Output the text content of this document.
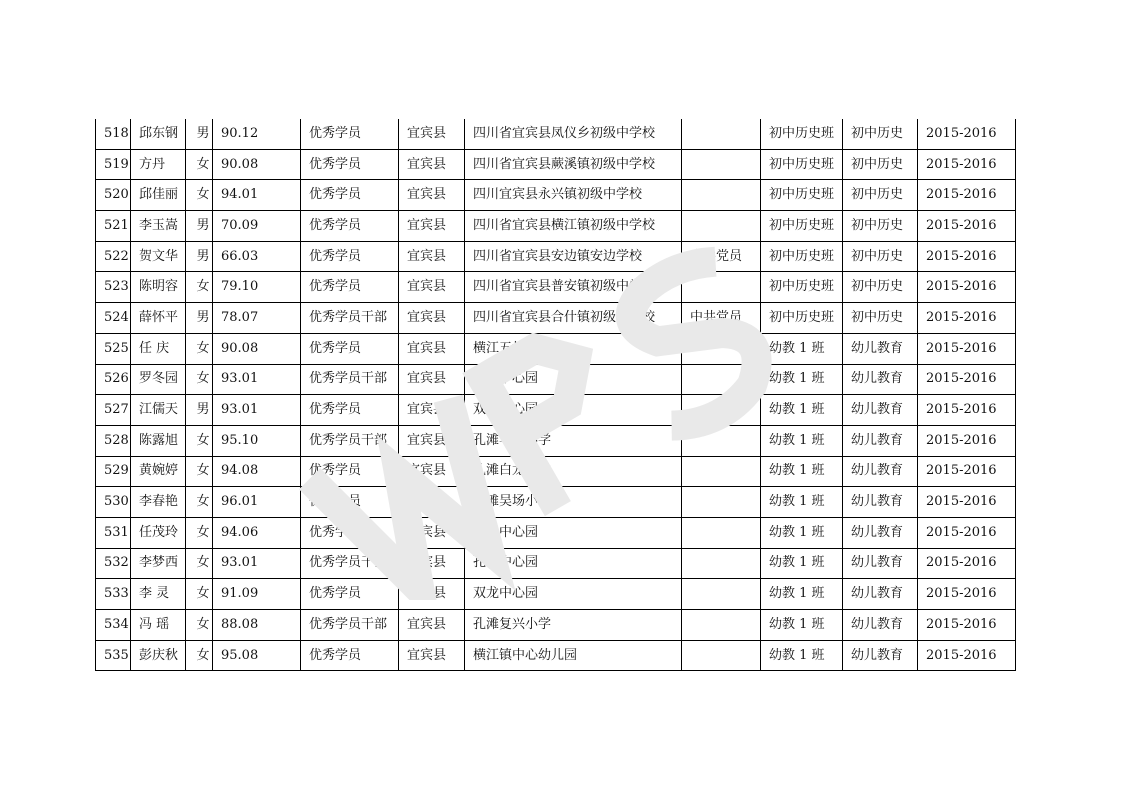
518	邱东钢	男	90.12	优秀学员	宜宾县	四川省宜宾县凤仪乡初级中学校		初中历史班	初中历史	2015-2016
519	方丹	女	90.08	优秀学员	宜宾县	四川省宜宾县蕨溪镇初级中学校		初中历史班	初中历史	2015-2016
520	邱佳丽	女	94.01	优秀学员	宜宾县	四川宜宾县永兴镇初级中学校		初中历史班	初中历史	2015-2016
521	李玉嵩	男	70.09	优秀学员	宜宾县	四川省宜宾县横江镇初级中学校		初中历史班	初中历史	2015-2016
522	贺文华	男	66.03	优秀学员	宜宾县	四川省宜宾县安边镇安边学校	中共党员	初中历史班	初中历史	2015-2016
523	陈明容	女	79.10	优秀学员	宜宾县	四川省宜宾县普安镇初级中学校		初中历史班	初中历史	2015-2016
524	薛怀平	男	78.07	优秀学员干部	宜宾县	四川省宜宾县合什镇初级中学校	中共党员	初中历史班	初中历史	2015-2016
525	任 庆	女	90.08	优秀学员	宜宾县	横江五村幼儿园		幼教 1 班	幼儿教育	2015-2016
526	罗冬园	女	93.01	优秀学员干部	宜宾县	孔滩中心园		幼教 1 班	幼儿教育	2015-2016
527	江儒天	男	93.01	优秀学员	宜宾县	双龙中心园		幼教 1 班	幼儿教育	2015-2016
528	陈露旭	女	95.10	优秀学员干部	宜宾县	孔滩羊石小学		幼教 1 班	幼儿教育	2015-2016
529	黄婉婷	女	94.08	优秀学员	宜宾县	孔滩白龙小学		幼教 1 班	幼儿教育	2015-2016
530	李春艳	女	96.01	优秀学员	宜宾县	孔滩吴场小学		幼教 1 班	幼儿教育	2015-2016
531	任茂玲	女	94.06	优秀学员	宜宾县	双龙中心园		幼教 1 班	幼儿教育	2015-2016
532	李梦西	女	93.01	优秀学员干部	宜宾县	孔滩中心园		幼教 1 班	幼儿教育	2015-2016
533	李 灵	女	91.09	优秀学员	宜宾县	双龙中心园		幼教 1 班	幼儿教育	2015-2016
534	冯 瑶	女	88.08	优秀学员干部	宜宾县	孔滩复兴小学		幼教 1 班	幼儿教育	2015-2016
535	彭庆秋	女	95.08	优秀学员	宜宾县	横江镇中心幼儿园		幼教 1 班	幼儿教育	2015-2016
